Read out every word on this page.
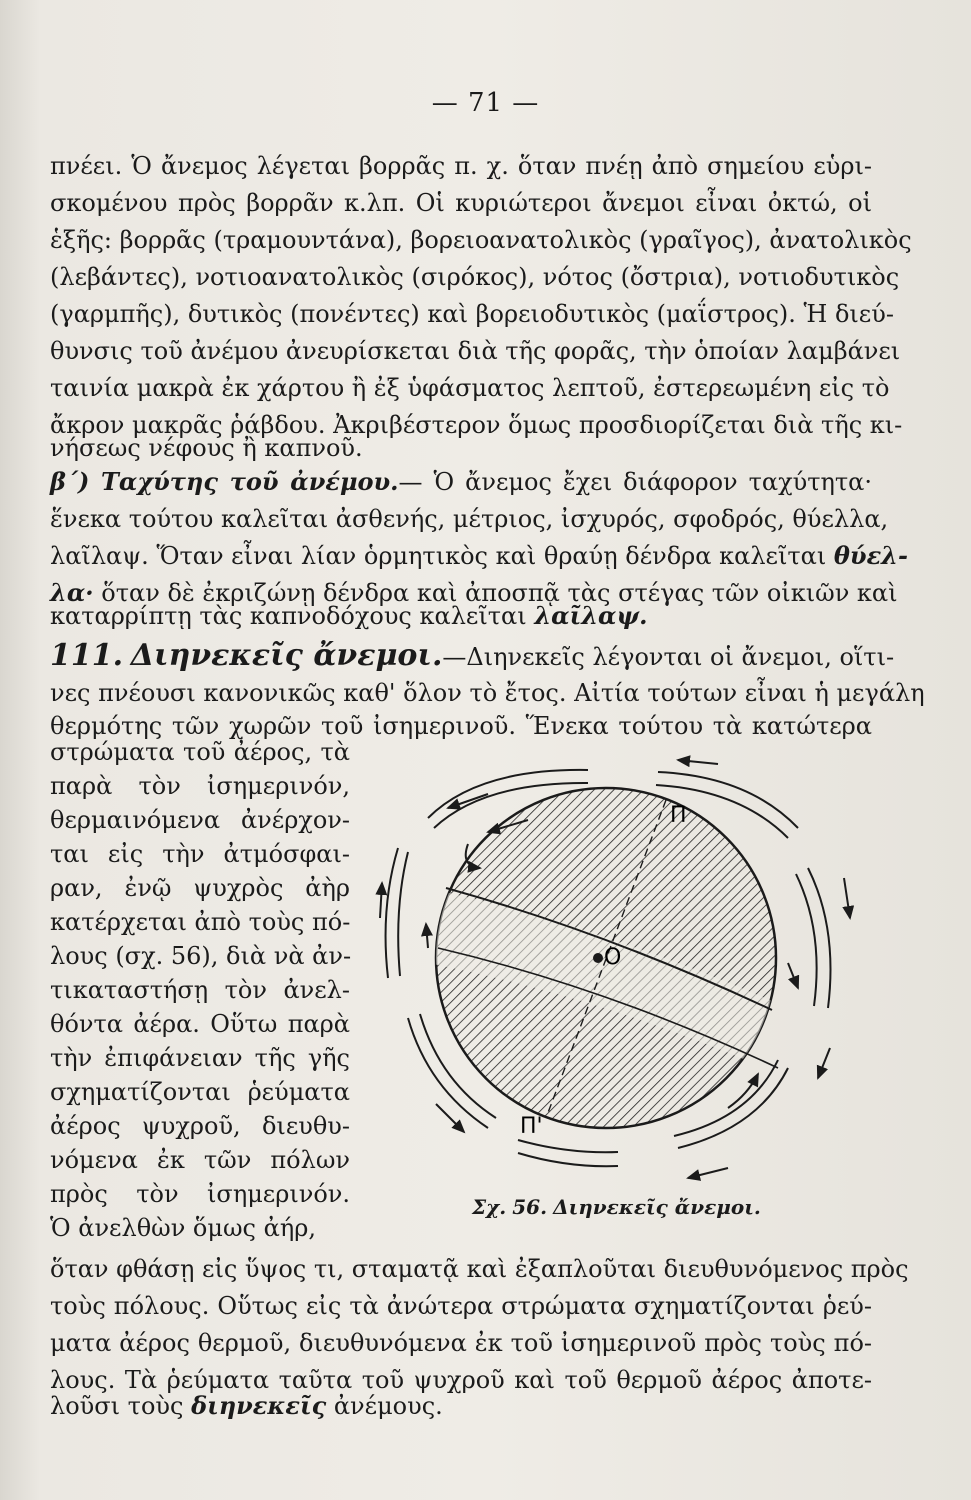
— 71 —
πνέει. Ὁ ἄνεμος λέγεται βορρᾶς π. χ. ὅταν πνέῃ ἀπὸ σημείου εὑρι-
σκομένου πρὸς βορρᾶν κ.λπ. Οἱ κυριώτεροι ἄνεμοι εἶναι ὀκτώ, οἱ
ἑξῆς: βορρᾶς (τραμουντάνα), βορειοανατολικὸς (γραῖγος), ἀνατολικὸς
(λεβάντες), νοτιοανατολικὸς (σιρόκος), νότος (ὄστρια), νοτιοδυτικὸς
(γαρμπῆς), δυτικὸς (πονέντες) καὶ βορειοδυτικὸς (μαΐστρος). Ἡ διεύ-
θυνσις τοῦ ἀνέμου ἀνευρίσκεται διὰ τῆς φορᾶς, τὴν ὁποίαν λαμβάνει
ταινία μακρὰ ἐκ χάρτου ἢ ἐξ ὑφάσματος λεπτοῦ, ἐστερεωμένη εἰς τὸ
ἄκρον μακρᾶς ῥάβδου. Ἀκριβέστερον ὅμως προσδιορίζεται διὰ τῆς κι-
νήσεως νέφους ἢ καπνοῦ.
β΄) Ταχύτης τοῦ ἀνέμου.— Ὁ ἄνεμος ἔχει διάφορον ταχύτητα·
ἕνεκα τούτου καλεῖται ἀσθενής, μέτριος, ἰσχυρός, σφοδρός, θύελλα,
λαῖλαψ. Ὅταν εἶναι λίαν ὁρμητικὸς καὶ θραύῃ δένδρα καλεῖται θύελ-
λα· ὅταν δὲ ἐκριζώνῃ δένδρα καὶ ἀποσπᾷ τὰς στέγας τῶν οἰκιῶν καὶ
καταρρίπτῃ τὰς καπνοδόχους καλεῖται λαῖλαψ.
111. Διηνεκεῖς ἄνεμοι.—Διηνεκεῖς λέγονται οἱ ἄνεμοι, οἵτι-
νες πνέουσι κανονικῶς καθ' ὅλον τὸ ἔτος. Αἰτία τούτων εἶναι ἡ μεγάλη
θερμότης τῶν χωρῶν τοῦ ἰσημερινοῦ. Ἕνεκα τούτου τὰ κατώτερα
στρώματα τοῦ ἀέρος, τὰ
παρὰ τὸν ἰσημερινόν,
θερμαινόμενα ἀνέρχον-
ται εἰς τὴν ἀτμόσφαι-
ραν, ἐνῷ ψυχρὸς ἀὴρ
κατέρχεται ἀπὸ τοὺς πό-
λους (σχ. 56), διὰ νὰ ἀν-
τικαταστήσῃ τὸν ἀνελ-
θόντα ἀέρα. Οὕτω παρὰ
τὴν ἐπιφάνειαν τῆς γῆς
σχηματίζονται ῥεύματα
ἀέρος ψυχροῦ, διευθυ-
νόμενα ἐκ τῶν πόλων
πρὸς τὸν ἰσημερινόν.
Ὁ ἀνελθὼν ὅμως ἀήρ,
Π
Π'
Ο
Σχ. 56. Διηνεκεῖς ἄνεμοι.
ὅταν φθάσῃ εἰς ὕψος τι, σταματᾷ καὶ ἐξαπλοῦται διευθυνόμενος πρὸς
τοὺς πόλους. Οὕτως εἰς τὰ ἀνώτερα στρώματα σχηματίζονται ῥεύ-
ματα ἀέρος θερμοῦ, διευθυνόμενα ἐκ τοῦ ἰσημερινοῦ πρὸς τοὺς πό-
λους. Τὰ ῥεύματα ταῦτα τοῦ ψυχροῦ καὶ τοῦ θερμοῦ ἀέρος ἀποτε-
λοῦσι τοὺς διηνεκεῖς ἀνέμους.
